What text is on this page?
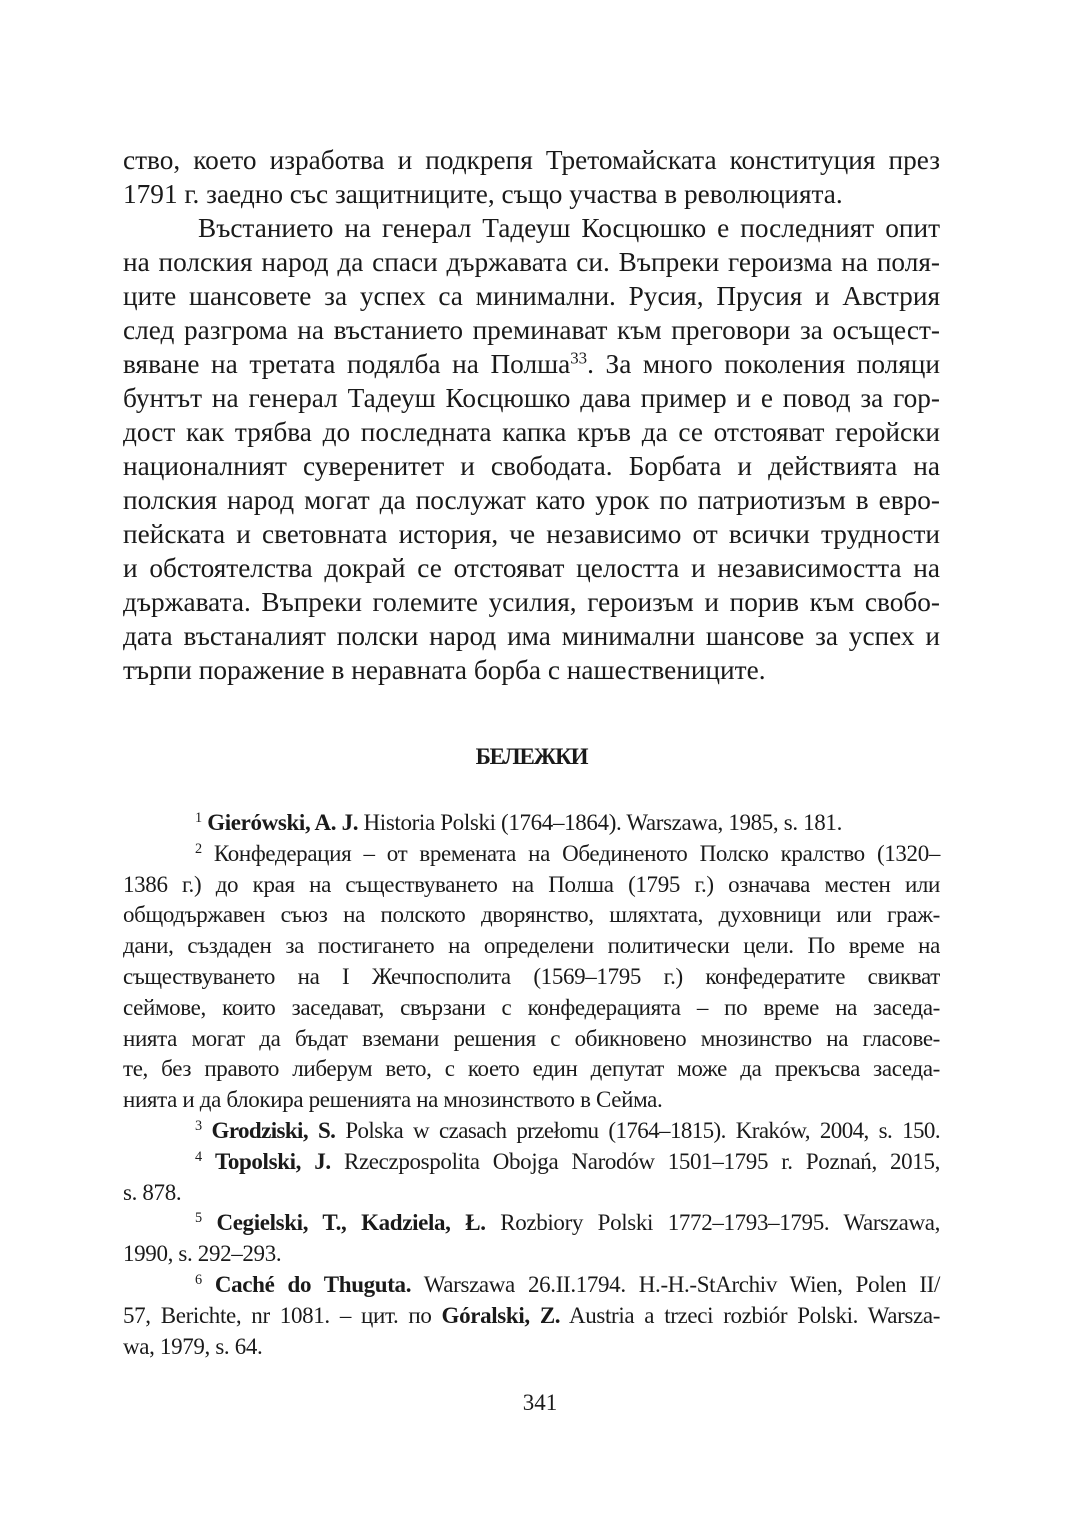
ство, което изработва и подкрепя Третомайската конституция през
1791 г. заедно със защитниците, също участва в революцията.
Въстанието на генерал Тадеуш Косцюшко е последният опит
на полския народ да спаси държавата си. Въпреки героизма на поля-
ците шансовете за успех са минимални. Русия, Прусия и Австрия
след разгрома на въстанието преминават към преговори за осъщест-
вяване на третата подялба на Полша$^{33}$. За много поколения поляци
бунтът на генерал Тадеуш Косцюшко дава пример и е повод за гор-
дост как трябва до последната капка кръв да се отстояват геройски
националният суверенитет и свободата. Борбата и действията на
полския народ могат да послужат като урок по патриотизъм в евро-
пейската и световната история, че независимо от всички трудности
и обстоятелства докрай се отстояват целостта и независимостта на
държавата. Въпреки големите усилия, героизъм и порив към свобо-
дата въстаналият полски народ има минимални шансове за успех и
търпи поражение в неравната борба с нашествениците.
БЕЛЕЖКИ
$^1$ Gierówski, A. J. Historia Polski (1764–1864). Warszawa, 1985, s. 181.
$^2$ Конфедерация – от времената на Обединеното Полско кралство (1320–
1386 г.) до края на съществуването на Полша (1795 г.) означава местен или
общодържавен съюз на полското дворянство, шляхтата, духовници или граж-
дани, създаден за постигането на определени политически цели. По време на
съществуването на I Жечпосполита (1569–1795 г.) конфедератите свикват
сеймове, които заседават, свързани с конфедерацията – по време на заседа-
нията могат да бъдат вземани решения с обикновено мнозинство на гласове-
те, без правото либерум вето, с което един депутат може да прекъсва заседа-
нията и да блокира решенията на мнозинството в Сейма.
$^3$ Grodziski, S. Polska w czasach przełomu (1764–1815). Kraków, 2004, s. 150.
$^4$ Topolski, J. Rzeczpospolita Obojga Narodów 1501–1795 r. Poznań, 2015,
s. 878.
$^5$ Cegielski, T., Kadziela, Ł. Rozbiory Polski 1772–1793–1795. Warszawa,
1990, s. 292–293.
$^6$ Caché do Thuguta. Warszawa 26.II.1794. H.-H.-StArchiv Wien, Polen II/
57, Berichte, nr 1081. – цит. по Góralski, Z. Austria a trzeci rozbiór Polski. Warsza-
wa, 1979, s. 64.
341
